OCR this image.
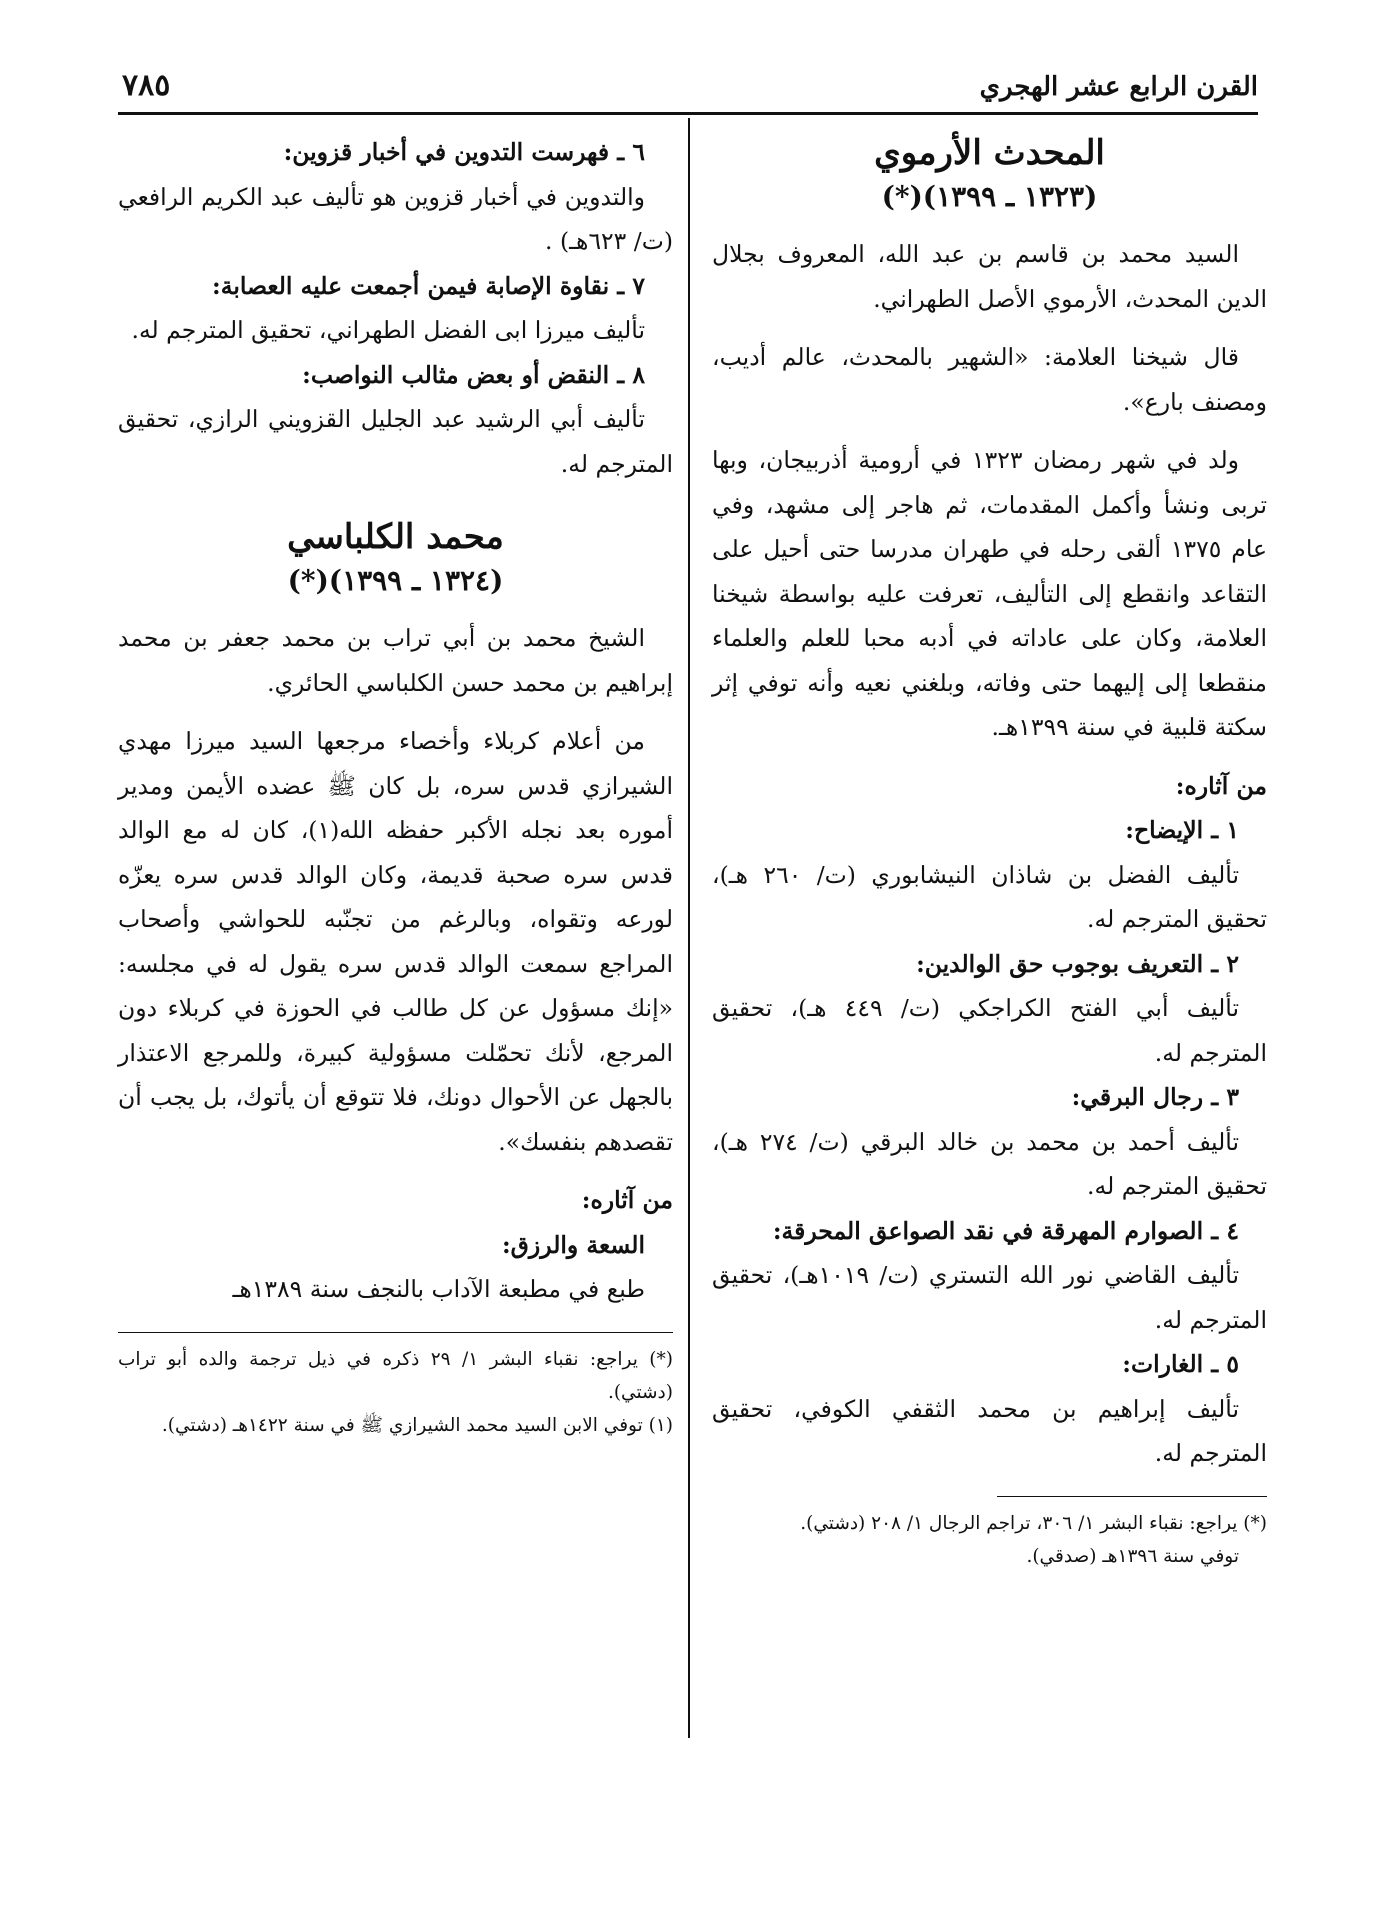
القرن الرابع عشر الهجري
٧٨٥
المحدث الأرموي
(١٣٢٣ ـ ١٣٩٩)(*)

السيد محمد بن قاسم بن عبد الله، المعروف بجلال الدين المحدث، الأرموي الأصل الطهراني.

قال شيخنا العلامة: «الشهير بالمحدث، عالم أديب، ومصنف بارع».

ولد في شهر رمضان ١٣٢٣ في أرومية أذربيجان، وبها تربى ونشأ وأكمل المقدمات، ثم هاجر إلى مشهد، وفي عام ١٣٧٥ ألقى رحله في طهران مدرسا حتى أحيل على التقاعد وانقطع إلى التأليف، تعرفت عليه بواسطة شيخنا العلامة، وكان على عاداته في أدبه محبا للعلم والعلماء منقطعا إلى إليهما حتى وفاته، وبلغني نعيه وأنه توفي إثر سكتة قلبية في سنة ١٣٩٩هـ.

من آثاره:

١ ـ الإيضاح:

تأليف الفضل بن شاذان النيشابوري (ت/ ٢٦٠ هـ)، تحقيق المترجم له.

٢ ـ التعريف بوجوب حق الوالدين:

تأليف أبي الفتح الكراجكي (ت/ ٤٤٩ هـ)، تحقيق المترجم له.

٣ ـ رجال البرقي:

تأليف أحمد بن محمد بن خالد البرقي (ت/ ٢٧٤ هـ)، تحقيق المترجم له.

٤ ـ الصوارم المهرقة في نقد الصواعق المحرقة:

تأليف القاضي نور الله التستري (ت/ ١٠١٩هـ)، تحقيق المترجم له.

٥ ـ الغارات:

تأليف إبراهيم بن محمد الثقفي الكوفي، تحقيق المترجم له.

(*) يراجع: نقباء البشر ١/ ٣٠٦، تراجم الرجال ١/ ٢٠٨ (دشتي).

توفي سنة ١٣٩٦هـ (صدقي).

٦ ـ فهرست التدوين في أخبار قزوين:

والتدوين في أخبار قزوين هو تأليف عبد الكريم الرافعي (ت/ ٦٢٣هـ) .

٧ ـ نقاوة الإصابة فيمن أجمعت عليه العصابة:

تأليف ميرزا ابى الفضل الطهراني، تحقيق المترجم له.

٨ ـ النقض أو بعض مثالب النواصب:

تأليف أبي الرشيد عبد الجليل القزويني الرازي، تحقيق المترجم له.

محمد الكلباسي
(١٣٢٤ ـ ١٣٩٩)(*)

الشيخ محمد بن أبي تراب بن محمد جعفر بن محمد إبراهيم بن محمد حسن الكلباسي الحائري.

من أعلام كربلاء وأخصاء مرجعها السيد ميرزا مهدي الشيرازي قدس سره، بل كان ﷺ عضده الأيمن ومدير أموره بعد نجله الأكبر حفظه الله(١)، كان له مع الوالد قدس سره صحبة قديمة، وكان الوالد قدس سره يعزّه لورعه وتقواه، وبالرغم من تجنّبه للحواشي وأصحاب المراجع سمعت الوالد قدس سره يقول له في مجلسه: «إنك مسؤول عن كل طالب في الحوزة في كربلاء دون المرجع، لأنك تحمّلت مسؤولية كبيرة، وللمرجع الاعتذار بالجهل عن الأحوال دونك، فلا تتوقع أن يأتوك، بل يجب أن تقصدهم بنفسك».

من آثاره:

السعة والرزق:

طبع في مطبعة الآداب بالنجف سنة ١٣٨٩هـ

(*) يراجع: نقباء البشر ١/ ٢٩ ذكره في ذيل ترجمة والده أبو تراب (دشتي).

(١) توفي الابن السيد محمد الشيرازي ﷺ في سنة ١٤٢٢هـ (دشتي).
